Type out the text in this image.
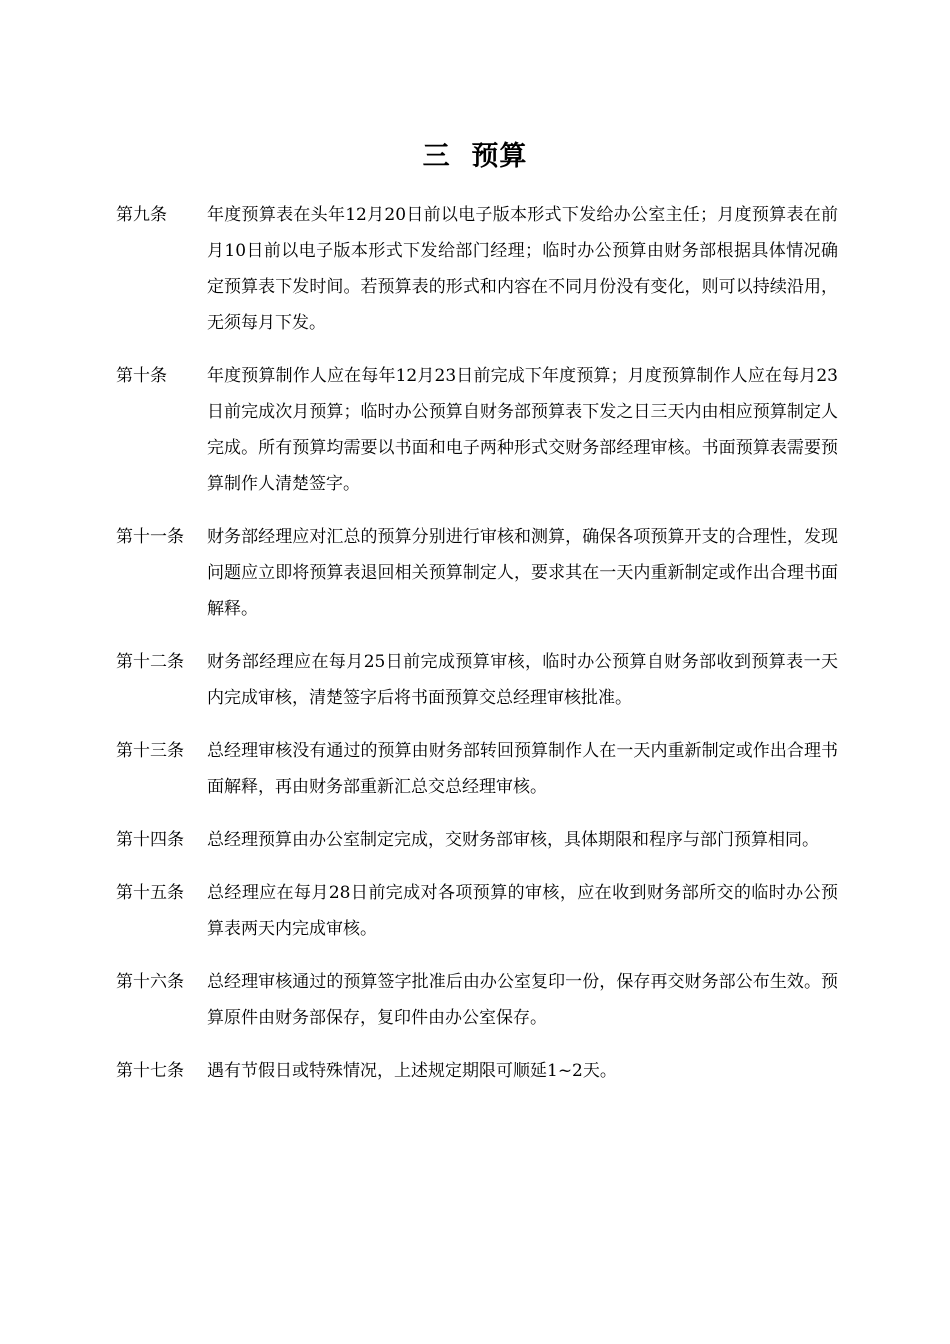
三  预算
第九条	年度预算表在头年12月20日前以电子版本形式下发给办公室主任；月度预算表在前月10日前以电子版本形式下发给部门经理；临时办公预算由财务部根据具体情况确定预算表下发时间。若预算表的形式和内容在不同月份没有变化，则可以持续沿用，无须每月下发。
第十条	年度预算制作人应在每年12月23日前完成下年度预算；月度预算制作人应在每月23日前完成次月预算；临时办公预算自财务部预算表下发之日三天内由相应预算制定人完成。所有预算均需要以书面和电子两种形式交财务部经理审核。书面预算表需要预算制作人清楚签字。
第十一条	财务部经理应对汇总的预算分别进行审核和测算，确保各项预算开支的合理性，发现问题应立即将预算表退回相关预算制定人，要求其在一天内重新制定或作出合理书面解释。
第十二条	财务部经理应在每月25日前完成预算审核，临时办公预算自财务部收到预算表一天内完成审核，清楚签字后将书面预算交总经理审核批准。
第十三条	总经理审核没有通过的预算由财务部转回预算制作人在一天内重新制定或作出合理书面解释，再由财务部重新汇总交总经理审核。
第十四条	总经理预算由办公室制定完成，交财务部审核，具体期限和程序与部门预算相同。
第十五条	总经理应在每月28日前完成对各项预算的审核，应在收到财务部所交的临时办公预算表两天内完成审核。
第十六条	总经理审核通过的预算签字批准后由办公室复印一份，保存再交财务部公布生效。预算原件由财务部保存，复印件由办公室保存。
第十七条	遇有节假日或特殊情况，上述规定期限可顺延1~2天。
